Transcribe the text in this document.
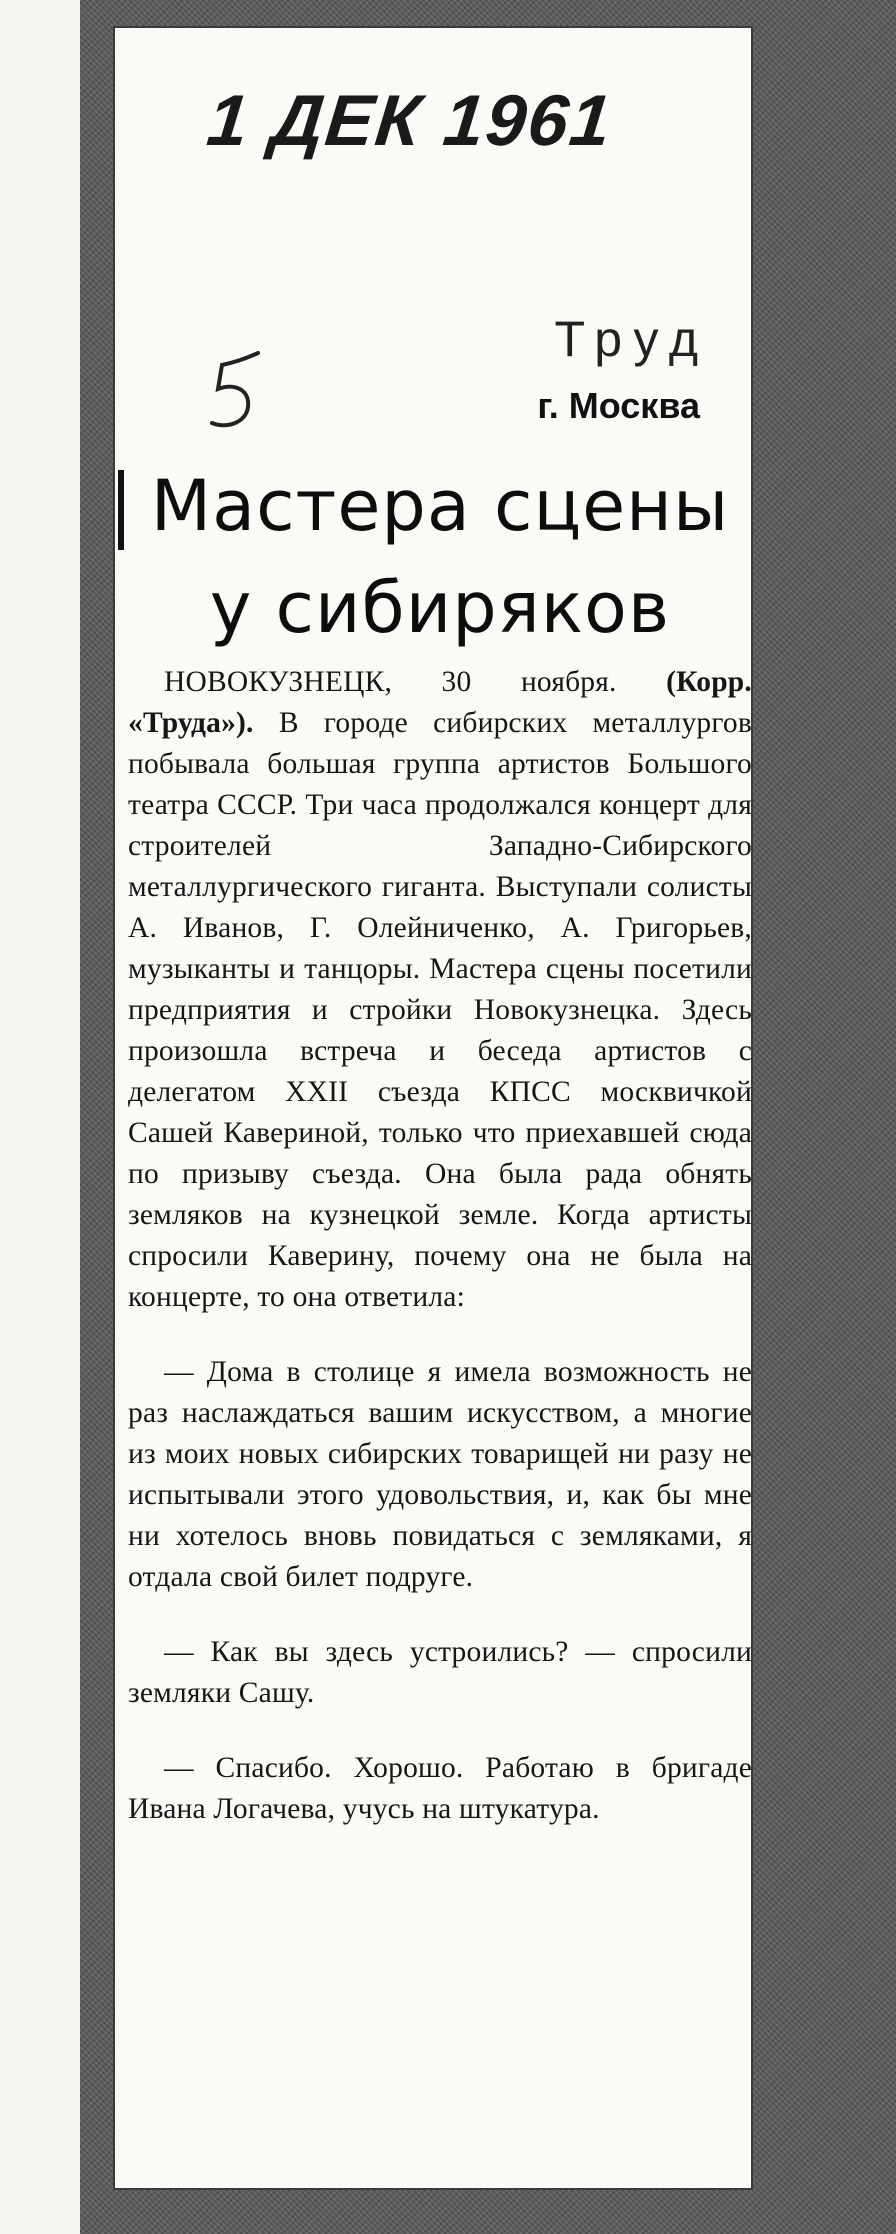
1 ДЕК 1961
Труд
г. Москва
Мастера сцены
у сибиряков

НОВОКУЗНЕЦК, 30 ноября. (Корр. «Труда»). В городе сибирских металлургов побывала большая группа артистов Большого театра СССР. Три часа продолжался концерт для строителей Западно-Сибирского металлургического гиганта. Выступали солисты А. Иванов, Г. Олейниченко, А. Григорьев, музыканты и танцоры. Мастера сцены посетили предприятия и стройки Новокузнецка. Здесь произошла встреча и беседа артистов с делегатом XXII съезда КПСС москвичкой Сашей Кавериной, только что приехавшей сюда по призыву съезда. Она была рада обнять земляков на кузнецкой земле. Когда артисты спросили Каверину, почему она не была на концерте, то она ответила:

— Дома в столице я имела возможность не раз наслаждаться вашим искусством, а многие из моих новых сибирских товарищей ни разу не испытывали этого удовольствия, и, как бы мне ни хотелось вновь повидаться с земляками, я отдала свой билет подруге.

— Как вы здесь устроились? — спросили земляки Сашу.

— Спасибо. Хорошо. Работаю в бригаде Ивана Логачева, учусь на штукатура.
